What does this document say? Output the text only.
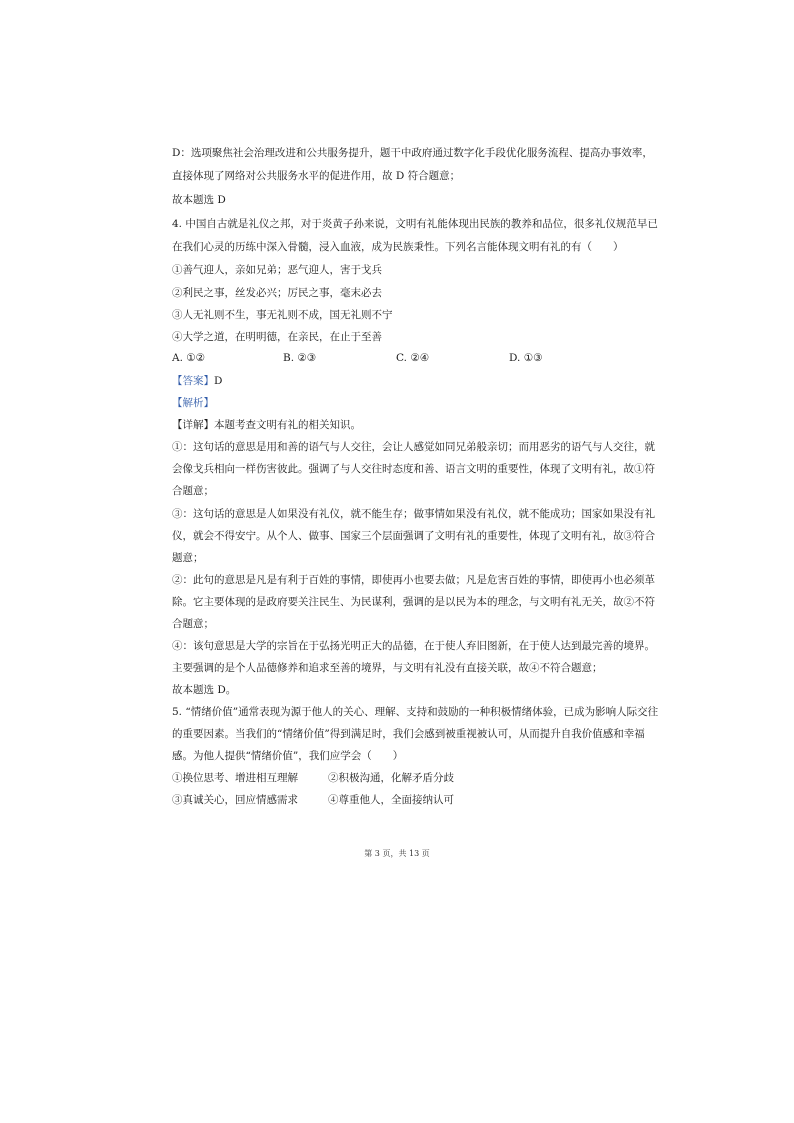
D：选项聚焦社会治理改进和公共服务提升，题干中政府通过数字化手段优化服务流程、提高办事效率，
直接体现了网络对公共服务水平的促进作用，故 D 符合题意；
故本题选 D
4. 中国自古就是礼仪之邦，对于炎黄子孙来说，文明有礼能体现出民族的教养和品位，很多礼仪规范早已
在我们心灵的历练中深入骨髓，浸入血液，成为民族秉性。下列名言能体现文明有礼的有（　　）
①善气迎人，亲如兄弟；恶气迎人，害于戈兵
②利民之事，丝发必兴；厉民之事，毫末必去
③人无礼则不生，事无礼则不成，国无礼则不宁
④大学之道，在明明德，在亲民，在止于至善
A. ①②	B. ②③	C. ②④	D. ①③
【答案】D
【解析】
【详解】本题考查文明有礼的相关知识。
①：这句话的意思是用和善的语气与人交往，会让人感觉如同兄弟般亲切；而用恶劣的语气与人交往，就
会像戈兵相向一样伤害彼此。强调了与人交往时态度和善、语言文明的重要性，体现了文明有礼，故①符
合题意；
③：这句话的意思是人如果没有礼仪，就不能生存；做事情如果没有礼仪，就不能成功；国家如果没有礼
仪，就会不得安宁。从个人、做事、国家三个层面强调了文明有礼的重要性，体现了文明有礼，故③符合
题意；
②：此句的意思是凡是有利于百姓的事情，即使再小也要去做；凡是危害百姓的事情，即使再小也必须革
除。它主要体现的是政府要关注民生、为民谋利，强调的是以民为本的理念，与文明有礼无关，故②不符
合题意；
④：该句意思是大学的宗旨在于弘扬光明正大的品德，在于使人弃旧图新，在于使人达到最完善的境界。
主要强调的是个人品德修养和追求至善的境界，与文明有礼没有直接关联，故④不符合题意；
故本题选 D。
5. “情绪价值”通常表现为源于他人的关心、理解、支持和鼓励的一种积极情绪体验，已成为影响人际交往
的重要因素。当我们的“情绪价值”得到满足时，我们会感到被重视被认可，从而提升自我价值感和幸福
感。为他人提供“情绪价值”，我们应学会（　　）
①换位思考、增进相互理解	②积极沟通，化解矛盾分歧
③真诚关心，回应情感需求	④尊重他人，全面接纳认可
第 3 页，共 13 页
